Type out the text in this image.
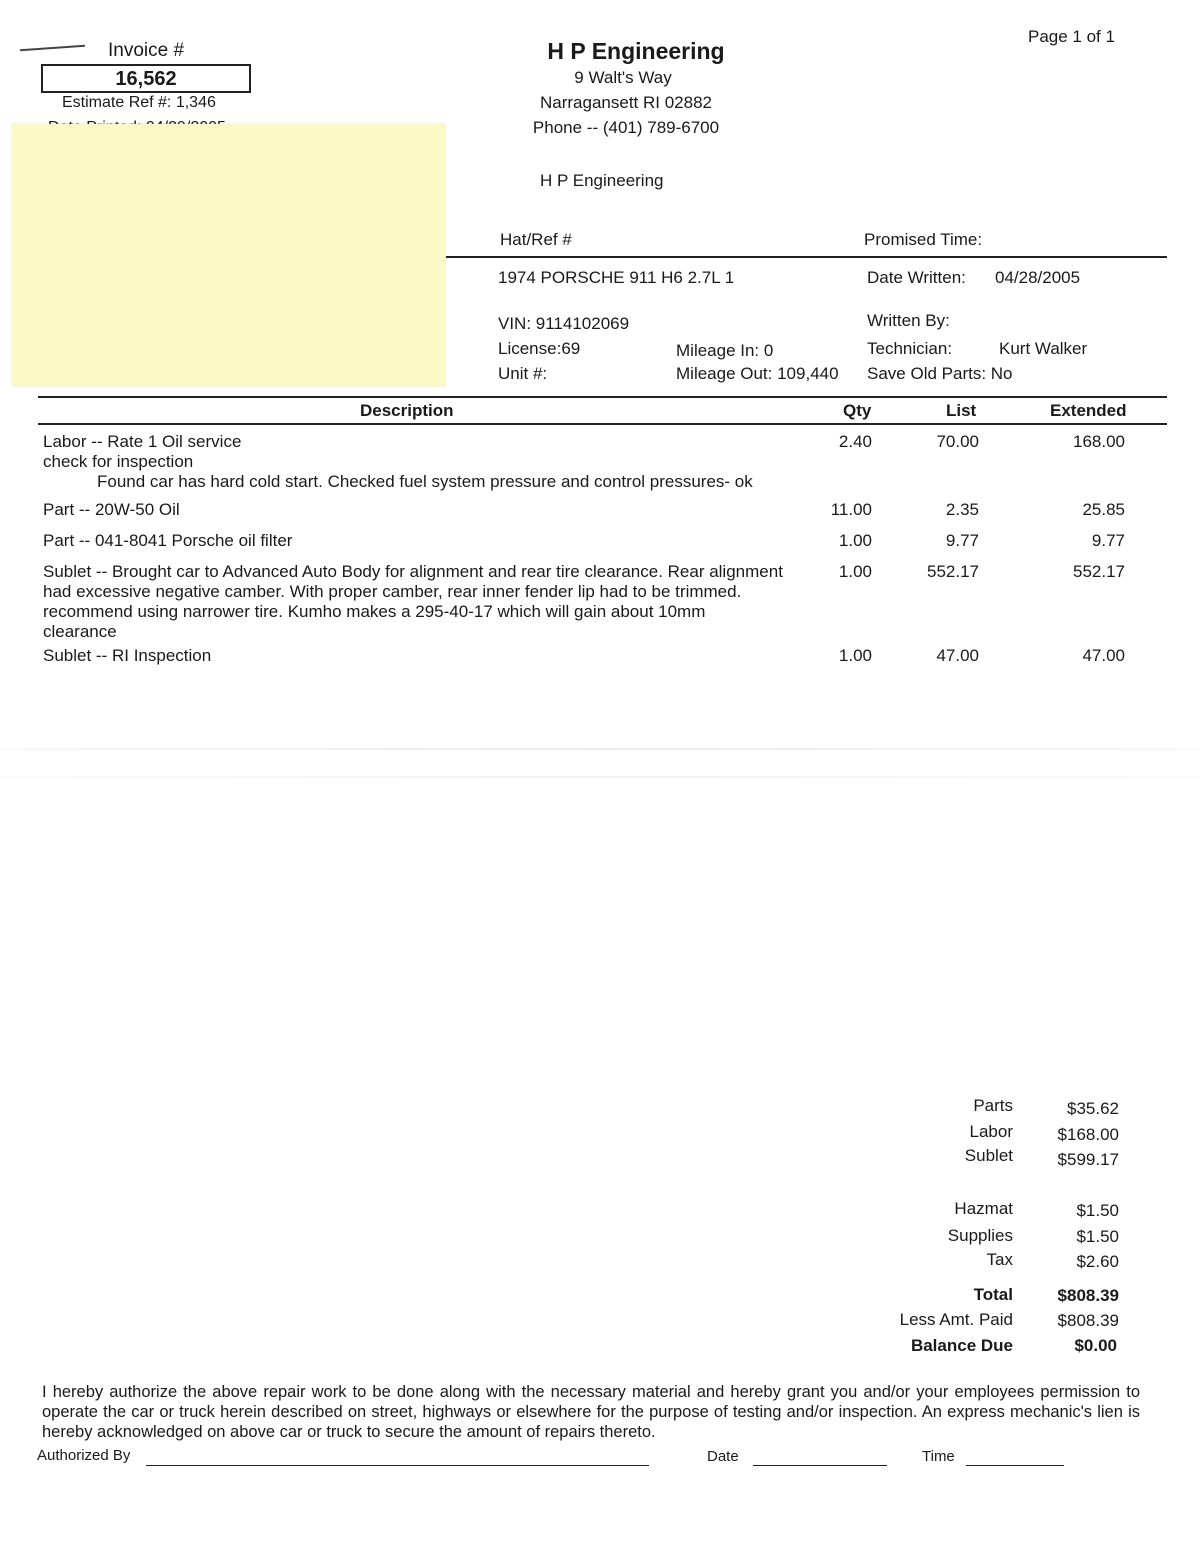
Invoice #
16,562
Estimate Ref #: 1,346
H P Engineering
9 Walt's Way
Narragansett RI 02882
Phone -- (401) 789-6700
H P Engineering
Page 1 of 1
Hat/Ref #	Promised Time:
1974 PORSCHE 911 H6 2.7L 1	Date Written: 04/28/2005
VIN: 9114102069	Written By:
License:69	Mileage In: 0	Technician:	Kurt Walker
Unit #:	Mileage Out: 109,440 Save Old Parts: No
Description	Qty	List	Extended
Labor -- Rate 1 Oil service
check for inspection
Found car has hard cold start. Checked fuel system pressure and control pressures- ok
2.40	70.00	168.00
Part -- 20W-50 Oil	11.00	2.35	25.85
Part -- 041-8041 Porsche oil filter	1.00	9.77	9.77
Sublet -- Brought car to Advanced Auto Body for alignment and rear tire clearance. Rear alignment had excessive negative camber. With proper camber, rear inner fender lip had to be trimmed. recommend using narrower tire. Kumho makes a 295-40-17 which will gain about 10mm clearance
1.00	552.17	552.17
Sublet -- RI Inspection	1.00	47.00	47.00
Parts	$35.62
Labor	$168.00
Sublet	$599.17
Hazmat	$1.50
Supplies	$1.50
Tax	$2.60
Total	$808.39
Less Amt. Paid	$808.39
Balance Due	$0.00
I hereby authorize the above repair work to be done along with the necessary material and hereby grant you and/or your employees permission to operate the car or truck herein described on street, highways or elsewhere for the purpose of testing and/or inspection. An express mechanic's lien is hereby acknowledged on above car or truck to secure the amount of repairs thereto.
Authorized By	Date	Time
